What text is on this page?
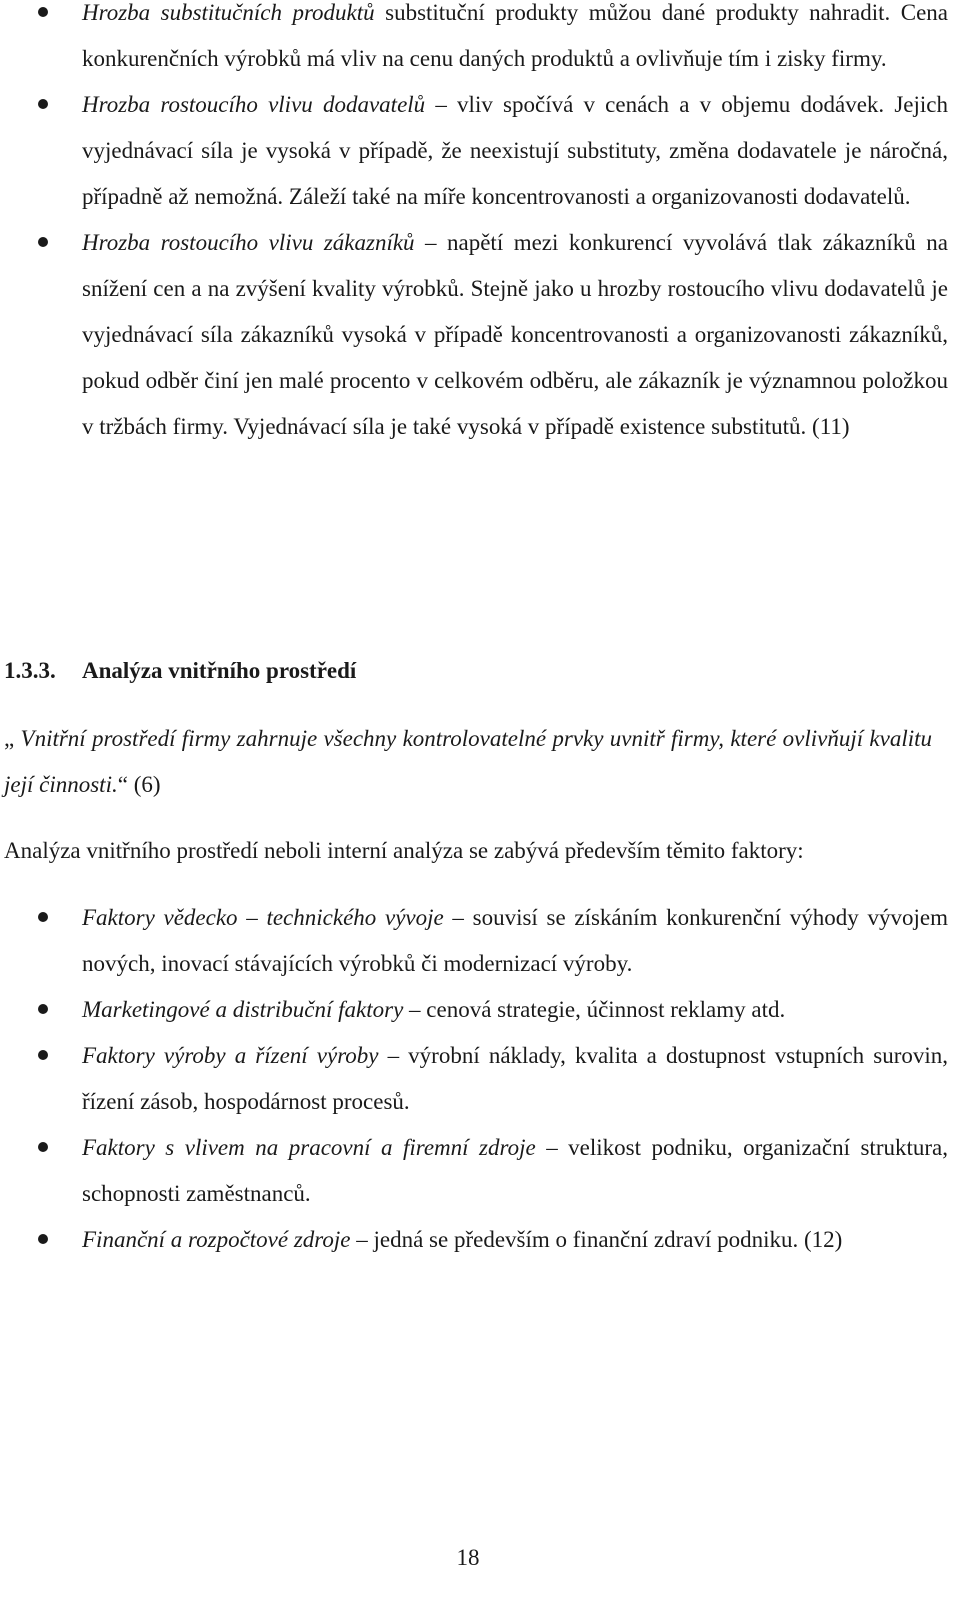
Hrozba substitučních produktů substituční produkty můžou dané produkty nahradit. Cena konkurenčních výrobků má vliv na cenu daných produktů a ovlivňuje tím i zisky firmy.
Hrozba rostoucího vlivu dodavatelů – vliv spočívá v cenách a v objemu dodávek. Jejich vyjednávací síla je vysoká v případě, že neexistují substituty, změna dodavatele je náročná, případně až nemožná. Záleží také na míře koncentrovanosti a organizovanosti dodavatelů.
Hrozba rostoucího vlivu zákazníků – napětí mezi konkurencí vyvolává tlak zákazníků na snížení cen a na zvýšení kvality výrobků. Stejně jako u hrozby rostoucího vlivu dodavatelů je vyjednávací síla zákazníků vysoká v případě koncentrovanosti a organizovanosti zákazníků, pokud odběr činí jen malé procento v celkovém odběru, ale zákazník je významnou položkou v tržbách firmy. Vyjednávací síla je také vysoká v případě existence substitutů. (11)
1.3.3. Analýza vnitřního prostředí

„ Vnitřní prostředí firmy zahrnuje všechny kontrolovatelné prvky uvnitř firmy, které ovlivňují kvalitu její činnosti.“ (6)

Analýza vnitřního prostředí neboli interní analýza se zabývá především těmito faktory:

Faktory vědecko – technického vývoje – souvisí se získáním konkurenční výhody vývojem nových, inovací stávajících výrobků či modernizací výroby.
Marketingové a distribuční faktory – cenová strategie, účinnost reklamy atd.
Faktory výroby a řízení výroby – výrobní náklady, kvalita a dostupnost vstupních surovin, řízení zásob, hospodárnost procesů.
Faktory s vlivem na pracovní a firemní zdroje – velikost podniku, organizační struktura, schopnosti zaměstnanců.
Finanční a rozpočtové zdroje – jedná se především o finanční zdraví podniku. (12)
18
